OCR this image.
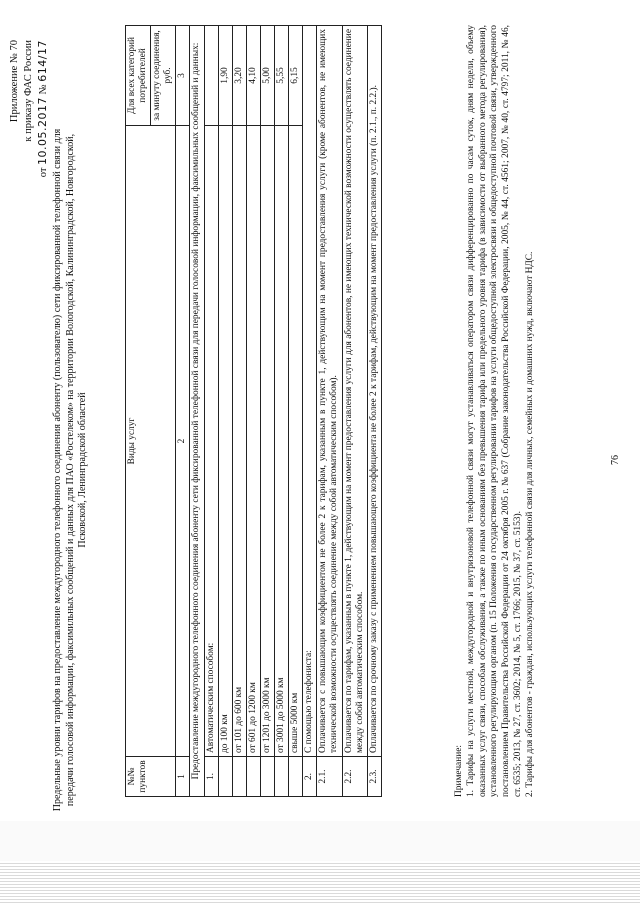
Приложение № 70 к приказу ФАС России
от 10.05.2017 № 614/17
Предельные уровни тарифов на предоставление междугородного телефонного соединения абоненту (пользователю) сети фиксированной телефонной связи для передачи голосовой информации, факсимильных сообщений и данных для ПАО «Ростелеком» на территории Вологодской, Калининградской, Новгородской, Псковской, Ленинградской областей
№№ пунктов	Виды услуг	Для всех категорий потребителей
		за минуту соединения, руб.
1	2	3
Предоставление междугородного телефонного соединения абоненту сети фиксированной телефонной связи для передачи голосовой информации, факсимильных сообщений и данных:		
1.	Автоматическим способом:	
	до 100 км	1,90
	от 101 до 600 км	3,20
	от 601 до 1200 км	4,10
	от 1201 до 3000 км	5,00
	от 3001 до 5000 км	5,55
	свыше 5000 км	6,15
2.	С помощью телефониста:	
2.1.	Оплачивается с повышающим коэффициентом не более 2 к тарифам, указанным в пункте 1, действующим на момент предоставления услуги (кроме абонентов, не имеющих технической возможности осуществлять соединение между собой автоматическим способом).	
2.2.	Оплачивается по тарифам, указанным в пункте 1, действующим на момент предоставления услуги для абонентов, не имеющих технической возможности осуществлять соединение между собой автоматическим способом.	
2.3.	Оплачивается по срочному заказу с применением повышающего коэффициента не более 2 к тарифам, действующим на момент предоставления услуги (п. 2.1., п. 2.2.).	

Примечание: 1. Тарифы на услуги местной, междугородной и внутризоновой телефонной связи могут устанавливаться оператором связи дифференцированно по часам суток, дням недели, объему оказанных услуг связи, способам обслуживания, а также по иным основаниям без превышения тарифа или предельного уровня тарифа (в зависимости от выбранного метода регулирования), установленного регулирующим органом (п. 15 Положения о государственном регулировании тарифов на услуги общедоступной электросвязи и общедоступной почтовой связи, утвержденного постановлением Правительства Российской Федерации от 24 октября 2005 г. № 637 (Собрание законодательства Российской Федерации, 2005, № 44, ст. 4561; 2007, № 40, ст. 4797; 2011, № 46, ст. 6535; 2013, № 27, ст. 3602; 2014, № 5, ст. 1766; 2015, № 37, ст. 5153). 2. Тарифы для абонентов - граждан, использующих услуги телефонной связи для личных, семейных и домашних нужд, включают НДС.	76
